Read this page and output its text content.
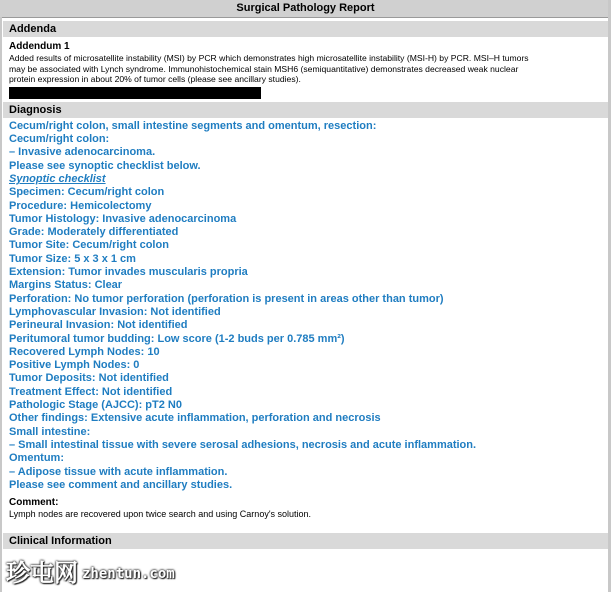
Surgical Pathology Report
Addenda
Addendum 1
Added results of microsatellite instability (MSI) by PCR which demonstrates high microsatellite instability (MSI-H) by PCR. MSI–H tumors
may be associated with Lynch syndrome. Immunohistochemical stain MSH6 (semiquantitative) demonstrates decreased weak nuclear
protein expression in about 20% of tumor cells (please see ancillary studies).
Diagnosis
Cecum/right colon, small intestine segments and omentum, resection:
Cecum/right colon:
– Invasive adenocarcinoma.
Please see synoptic checklist below.
Synoptic checklist
Specimen: Cecum/right colon
Procedure: Hemicolectomy
Tumor Histology: Invasive adenocarcinoma
Grade: Moderately differentiated
Tumor Site: Cecum/right colon
Tumor Size: 5 x 3 x 1 cm
Extension: Tumor invades muscularis propria
Margins Status: Clear
Perforation: No tumor perforation (perforation is present in areas other than tumor)
Lymphovascular Invasion: Not identified
Perineural Invasion: Not identified
Peritumoral tumor budding: Low score (1-2 buds per 0.785 mm²)
Recovered Lymph Nodes: 10
Positive Lymph Nodes: 0
Tumor Deposits: Not identified
Treatment Effect: Not identified
Pathologic Stage (AJCC): pT2 N0
Other findings: Extensive acute inflammation, perforation and necrosis
Small intestine:
– Small intestinal tissue with severe serosal adhesions, necrosis and acute inflammation.
Omentum:
– Adipose tissue with acute inflammation.
Please see comment and ancillary studies.
Comment:
Lymph nodes are recovered upon twice search and using Carnoy's solution.
Clinical Information
珍屯网 zhentun.com
